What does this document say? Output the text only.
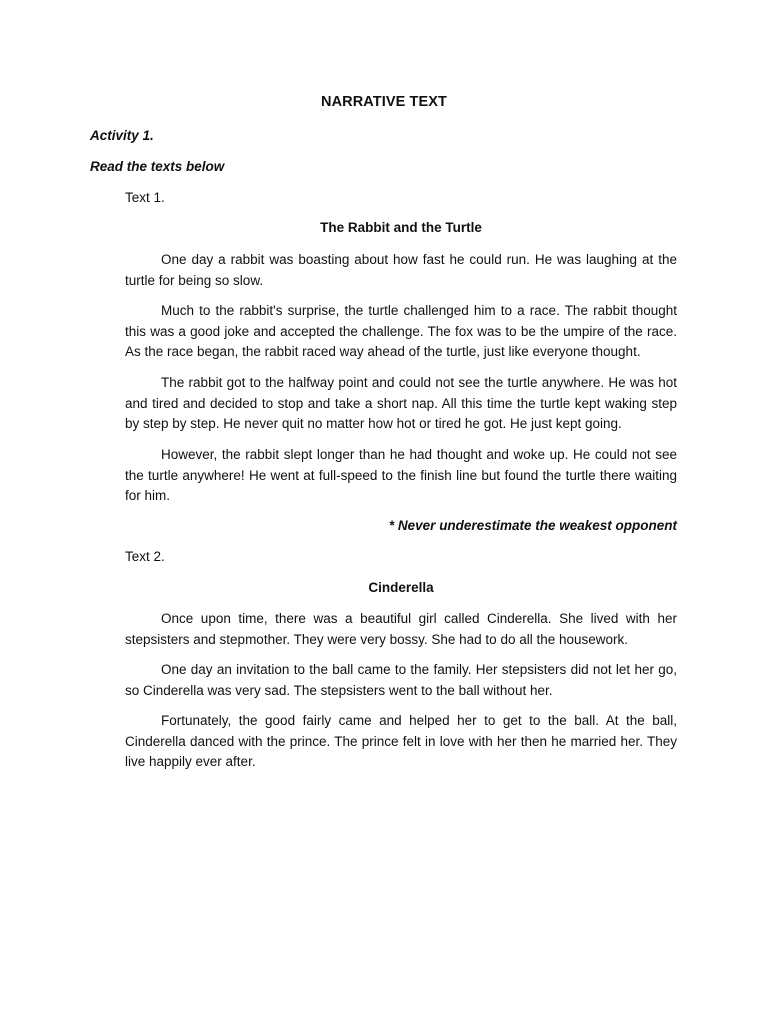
NARRATIVE TEXT
Activity 1.
Read the texts below
Text 1.
The Rabbit and the Turtle

One day a rabbit was boasting about how fast he could run. He was laughing at the turtle for being so slow.

Much to the rabbit's surprise, the turtle challenged him to a race. The rabbit thought this was a good joke and accepted the challenge. The fox was to be the umpire of the race. As the race began, the rabbit raced way ahead of the turtle, just like everyone thought.

The rabbit got to the halfway point and could not see the turtle anywhere. He was hot and tired and decided to stop and take a short nap. All this time the turtle kept waking step by step by step. He never quit no matter how hot or tired he got. He just kept going.

However, the rabbit slept longer than he had thought and woke up. He could not see the turtle anywhere! He went at full-speed to the finish line but found the turtle there waiting for him.

* Never underestimate the weakest opponent
Text 2.
Cinderella

Once upon time, there was a beautiful girl called Cinderella. She lived with her stepsisters and stepmother. They were very bossy. She had to do all the housework.

One day an invitation to the ball came to the family. Her stepsisters did not let her go, so Cinderella was very sad. The stepsisters went to the ball without her.

Fortunately, the good fairly came and helped her to get to the ball. At the ball, Cinderella danced with the prince. The prince felt in love with her then he married her. They live happily ever after.
